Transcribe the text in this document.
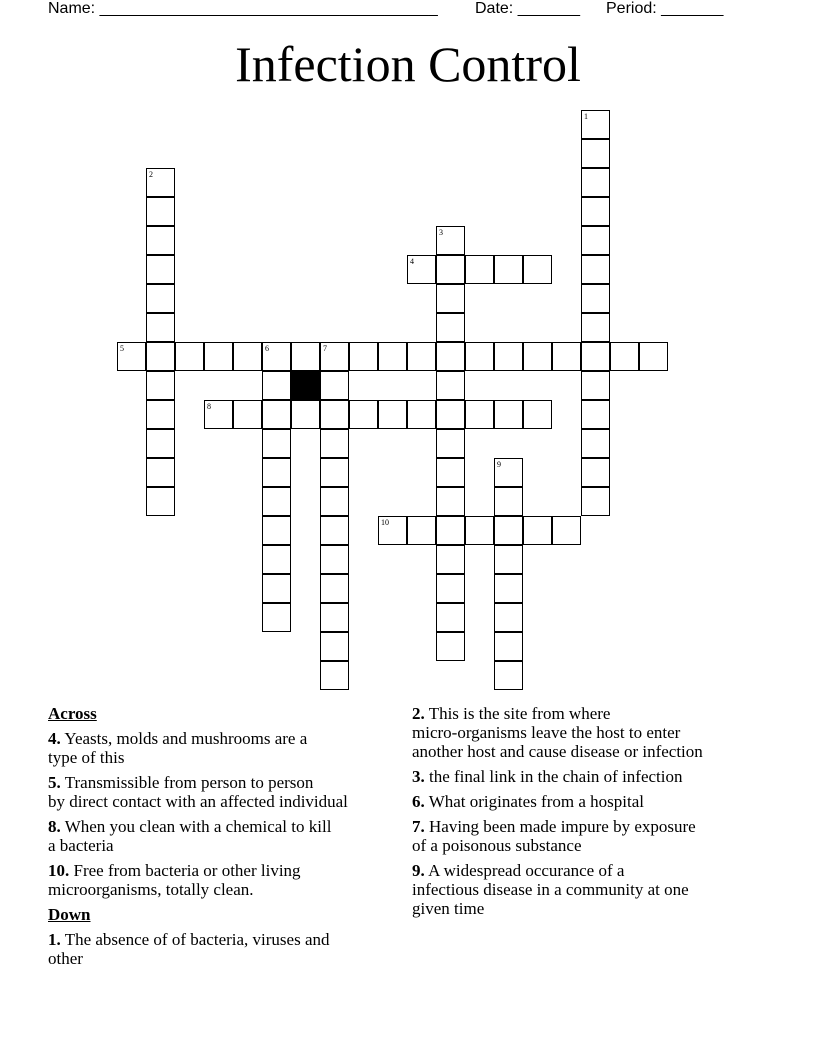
Name: ______________________________________ Date: _______ Period: _______
Infection Control
1
2
3
4
5	6	7
8
9
10
Across
4. Yeasts, molds and mushrooms are a
type of this
5. Transmissible from person to person
by direct contact with an affected individual
8. When you clean with a chemical to kill
a bacteria
10. Free from bacteria or other living
microorganisms, totally clean.
Down
1. The absence of of bacteria, viruses and
other
2. This is the site from where
micro-organisms leave the host to enter
another host and cause disease or infection
3. the final link in the chain of infection
6. What originates from a hospital
7. Having been made impure by exposure
of a poisonous substance
9. A widespread occurance of a
infectious disease in a community at one
given time
